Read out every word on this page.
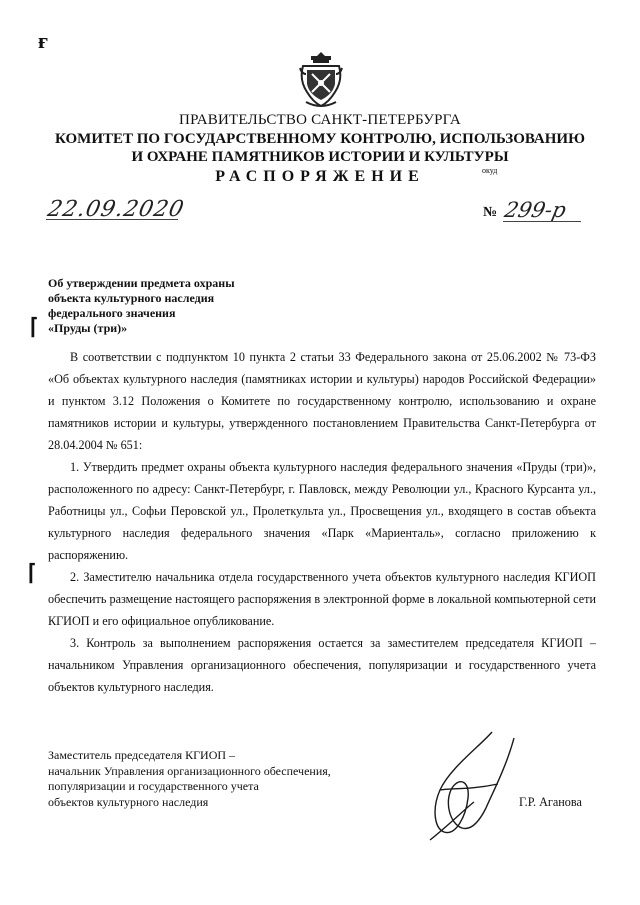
ғ
⌈
⌈
ПРАВИТЕЛЬСТВО САНКТ-ПЕТЕРБУРГА
КОМИТЕТ ПО ГОСУДАРСТВЕННОМУ КОНТРОЛЮ, ИСПОЛЬЗОВАНИЮ
И ОХРАНЕ ПАМЯТНИКОВ ИСТОРИИ И КУЛЬТУРЫ
РАСПОРЯЖЕНИЕ	окуд
22.09.2020	№ 299-р
Об утверждении предмета охраны
объекта культурного наследия
федерального значения
«Пруды (три)»

В соответствии с подпунктом 10 пункта 2 статьи 33 Федерального закона от 25.06.2002 № 73-ФЗ «Об объектах культурного наследия (памятниках истории и культуры) народов Российской Федерации» и пунктом 3.12 Положения о Комитете по государственному контролю, использованию и охране памятников истории и культуры, утвержденного постановлением Правительства Санкт-Петербурга от 28.04.2004 № 651:

1. Утвердить предмет охраны объекта культурного наследия федерального значения «Пруды (три)», расположенного по адресу: Санкт-Петербург, г. Павловск, между Революции ул., Красного Курсанта ул., Работницы ул., Софьи Перовской ул., Пролеткульта ул., Просвещения ул., входящего в состав объекта культурного наследия федерального значения «Парк «Мариенталь», согласно приложению к распоряжению.

2. Заместителю начальника отдела государственного учета объектов культурного наследия КГИОП обеспечить размещение настоящего распоряжения в электронной форме в локальной компьютерной сети КГИОП и его официальное опубликование.

3. Контроль за выполнением распоряжения остается за заместителем председателя КГИОП – начальником Управления организационного обеспечения, популяризации и государственного учета объектов культурного наследия.

Заместитель председателя КГИОП –
начальник Управления организационного обеспечения,
популяризации и государственного учета
объектов культурного наследия	Г.Р. Аганова
